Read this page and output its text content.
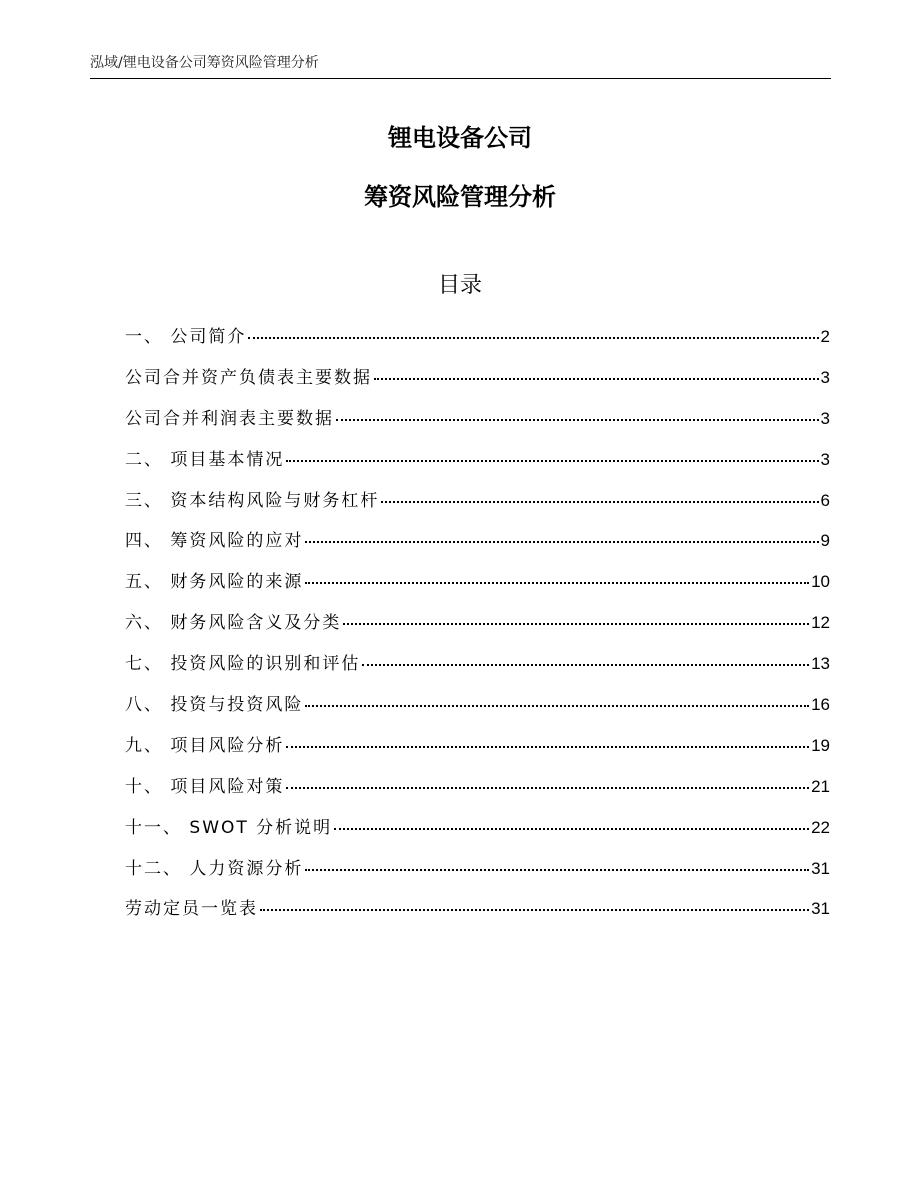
泓域/锂电设备公司筹资风险管理分析
锂电设备公司
筹资风险管理分析
目录
一、 公司简介	2
公司合并资产负债表主要数据	3
公司合并利润表主要数据	3
二、 项目基本情况	3
三、 资本结构风险与财务杠杆	6
四、 筹资风险的应对	9
五、 财务风险的来源	10
六、 财务风险含义及分类	12
七、 投资风险的识别和评估	13
八、 投资与投资风险	16
九、 项目风险分析	19
十、 项目风险对策	21
十一、 SWOT 分析说明	22
十二、 人力资源分析	31
劳动定员一览表	31
